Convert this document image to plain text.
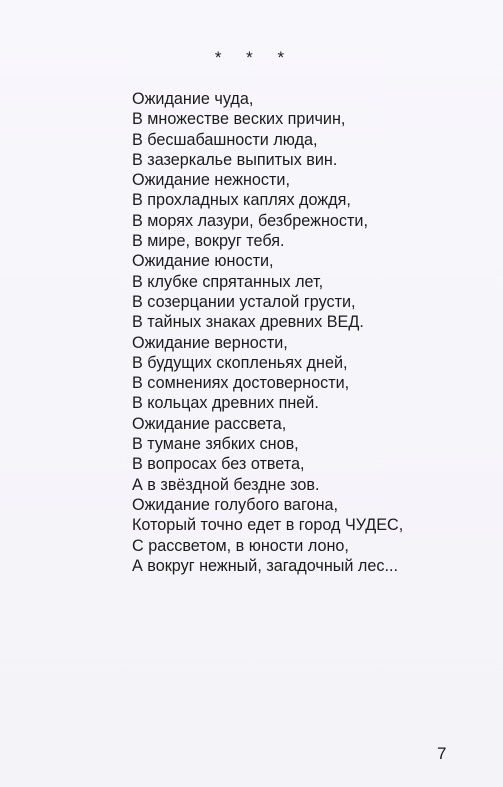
* * *
Ожидание чуда,
В множестве веских причин,
В бесшабашности люда,
В зазеркалье выпитых вин.
Ожидание нежности,
В прохладных каплях дождя,
В морях лазури, безбрежности,
В мире, вокруг тебя.
Ожидание юности,
В клубке спрятанных лет,
В созерцании усталой грусти,
В тайных знаках древних ВЕД.
Ожидание верности,
В будущих скопленьях дней,
В сомнениях достоверности,
В кольцах древних пней.
Ожидание рассвета,
В тумане зябких снов,
В вопросах без ответа,
А в звёздной бездне зов.
Ожидание голубого вагона,
Который точно едет в город ЧУДЕС,
С рассветом, в юности лоно,
А вокруг нежный, загадочный лес...
7
